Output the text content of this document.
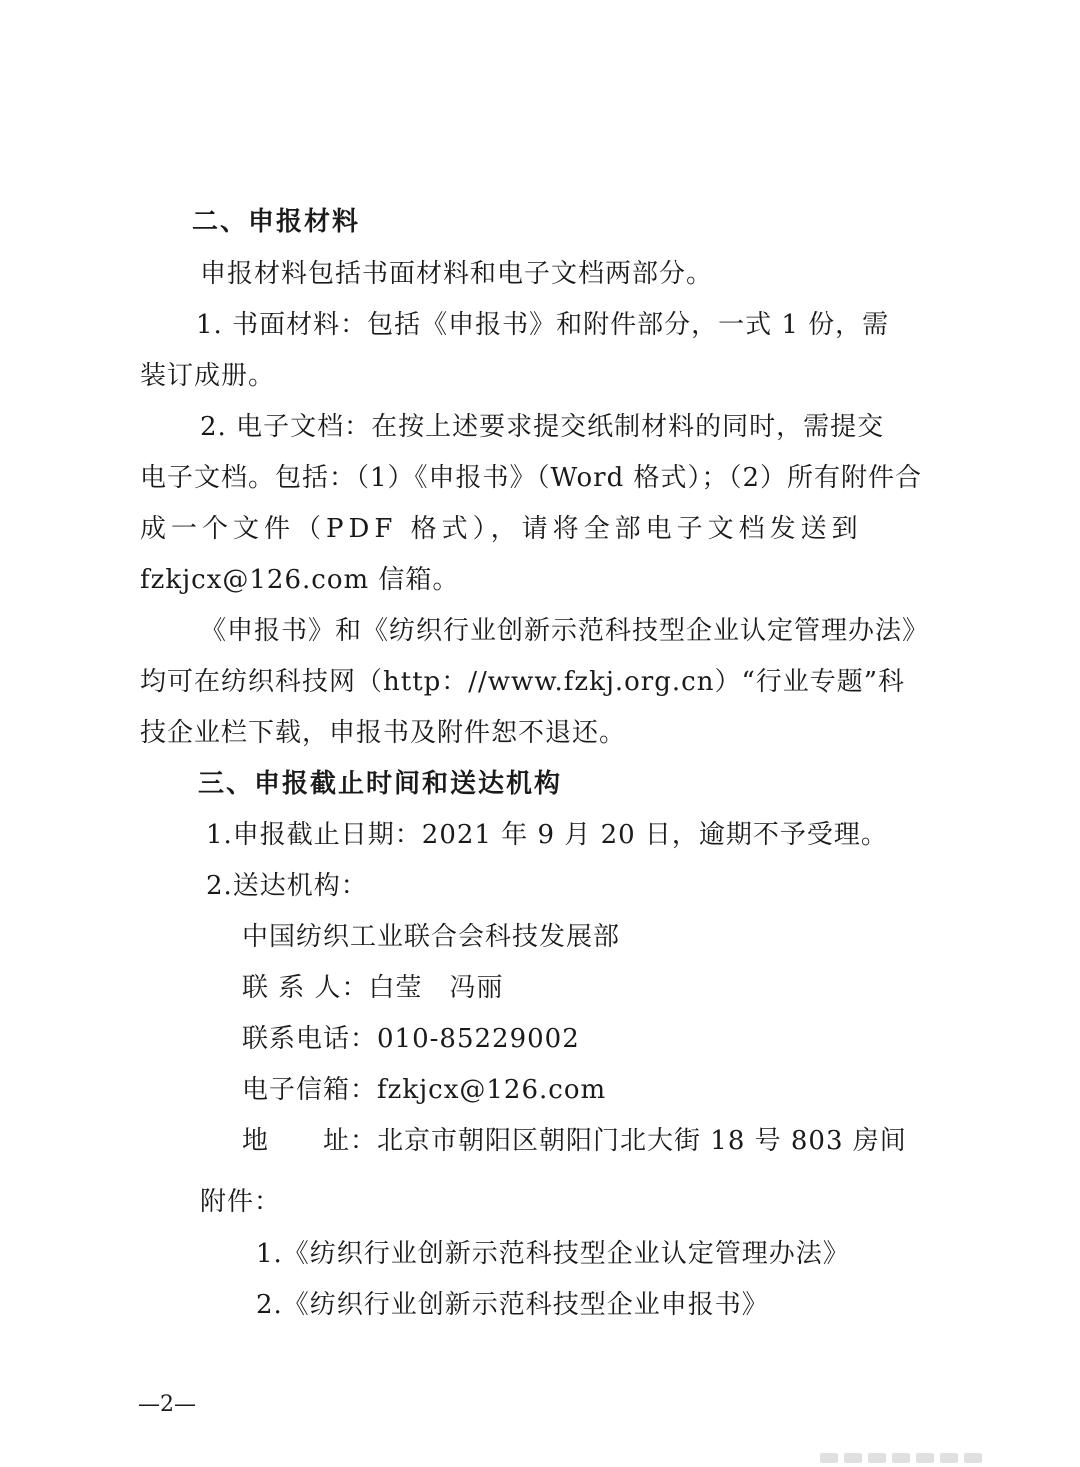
二、申报材料
申报材料包括书面材料和电子文档两部分。
1. 书面材料：包括《申报书》和附件部分，一式 1 份，需
装订成册。
2. 电子文档：在按上述要求提交纸制材料的同时，需提交
电子文档。包括：（1）《申报书》（Word 格式）；（2）所有附件合
成一个文件（PDF 格式），请将全部电子文档发送到
fzkjcx@126.com 信箱。
《申报书》和《纺织行业创新示范科技型企业认定管理办法》
均可在纺织科技网（http：//www.fzkj.org.cn）“行业专题”科
技企业栏下载，申报书及附件恕不退还。
三、申报截止时间和送达机构
1.申报截止日期：2021 年 9 月 20 日，逾期不予受理。
2.送达机构：
中国纺织工业联合会科技发展部
联 系 人：白莹　冯丽
联系电话：010-85229002
电子信箱：fzkjcx@126.com
地　　址：北京市朝阳区朝阳门北大街 18 号 803 房间
附件：
1.《纺织行业创新示范科技型企业认定管理办法》
2.《纺织行业创新示范科技型企业申报书》
—2—
